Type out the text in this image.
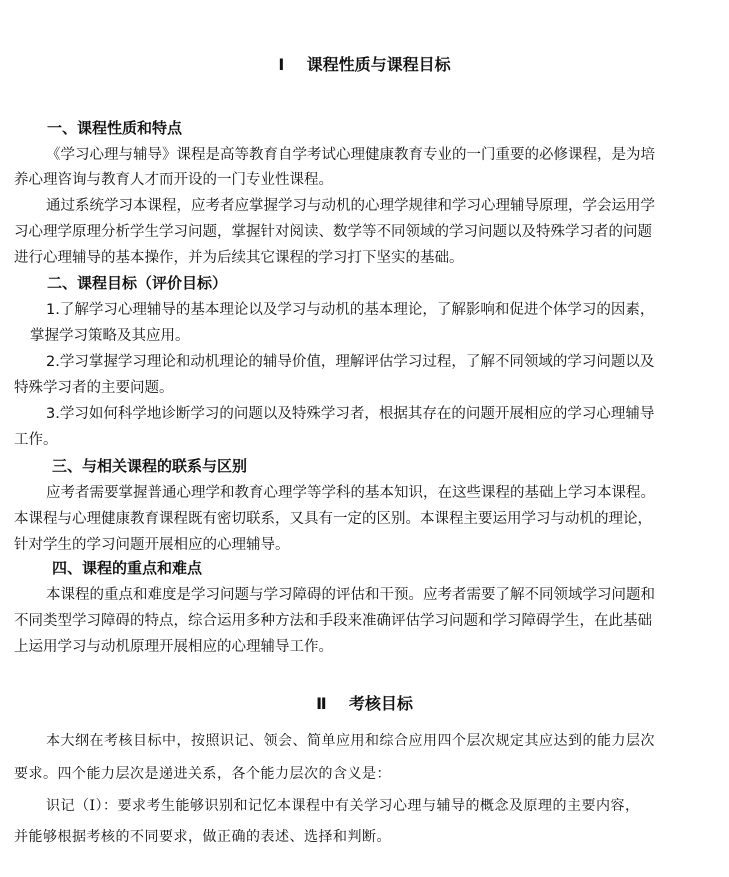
Ⅰ    课程性质与课程目标
一、课程性质和特点
《学习心理与辅导》课程是高等教育自学考试心理健康教育专业的一门重要的必修课程，是为培
养心理咨询与教育人才而开设的一门专业性课程。
通过系统学习本课程，应考者应掌握学习与动机的心理学规律和学习心理辅导原理，学会运用学
习心理学原理分析学生学习问题，掌握针对阅读、数学等不同领域的学习问题以及特殊学习者的问题
进行心理辅导的基本操作，并为后续其它课程的学习打下坚实的基础。
二、课程目标（评价目标）
1.了解学习心理辅导的基本理论以及学习与动机的基本理论，了解影响和促进个体学习的因素，
掌握学习策略及其应用。
2.学习掌握学习理论和动机理论的辅导价值，理解评估学习过程，了解不同领域的学习问题以及
特殊学习者的主要问题。
3.学习如何科学地诊断学习的问题以及特殊学习者，根据其存在的问题开展相应的学习心理辅导
工作。
三、与相关课程的联系与区别
应考者需要掌握普通心理学和教育心理学等学科的基本知识，在这些课程的基础上学习本课程。
本课程与心理健康教育课程既有密切联系，又具有一定的区别。本课程主要运用学习与动机的理论，
针对学生的学习问题开展相应的心理辅导。
四、课程的重点和难点
本课程的重点和难度是学习问题与学习障碍的评估和干预。应考者需要了解不同领域学习问题和
不同类型学习障碍的特点，综合运用多种方法和手段来准确评估学习问题和学习障碍学生，在此基础
上运用学习与动机原理开展相应的心理辅导工作。
Ⅱ    考核目标
本大纲在考核目标中，按照识记、领会、简单应用和综合应用四个层次规定其应达到的能力层次
要求。四个能力层次是递进关系，各个能力层次的含义是：
识记（Ⅰ）：要求考生能够识别和记忆本课程中有关学习心理与辅导的概念及原理的主要内容，
并能够根据考核的不同要求，做正确的表述、选择和判断。
